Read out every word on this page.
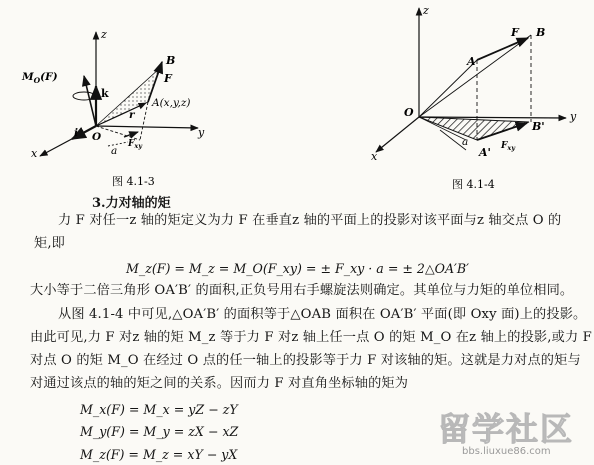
z
k
$M_O(F)$
B
F
A(x,y,z)
r
i O
a
$F_{xy}$
y
x
图 4.1-3
z
F B
A
O	y
B'
a
A' $F_{xy}$
x
图 4.1-4
3.力对轴的矩
力 F 对任一z 轴的矩定义为力 F 在垂直z 轴的平面上的投影对该平面与z 轴交点 O 的
矩,即
M_z(F) = M_z = M_O(F_xy) = ± F_xy · a = ± 2△OA′B′
大小等于二倍三角形 OA′B′ 的面积,正负号用右手螺旋法则确定。其单位与力矩的单位相同。
从图 4.1-4 中可见,△OA′B′ 的面积等于△OAB 面积在 OA′B′ 平面(即 Oxy 面)上的投影。
由此可见,力 F 对z 轴的矩 M_z 等于力 F 对z 轴上任一点 O 的矩 M_O 在z 轴上的投影,或力 F
对点 O 的矩 M_O 在经过 O 点的任一轴上的投影等于力 F 对该轴的矩。这就是力对点的矩与
对通过该点的轴的矩之间的关系。因而力 F 对直角坐标轴的矩为
M_x(F) = M_x = yZ − zY
M_y(F) = M_y = zX − xZ
M_z(F) = M_z = xY − yX
留学社区
bbs.liuxue86.com
